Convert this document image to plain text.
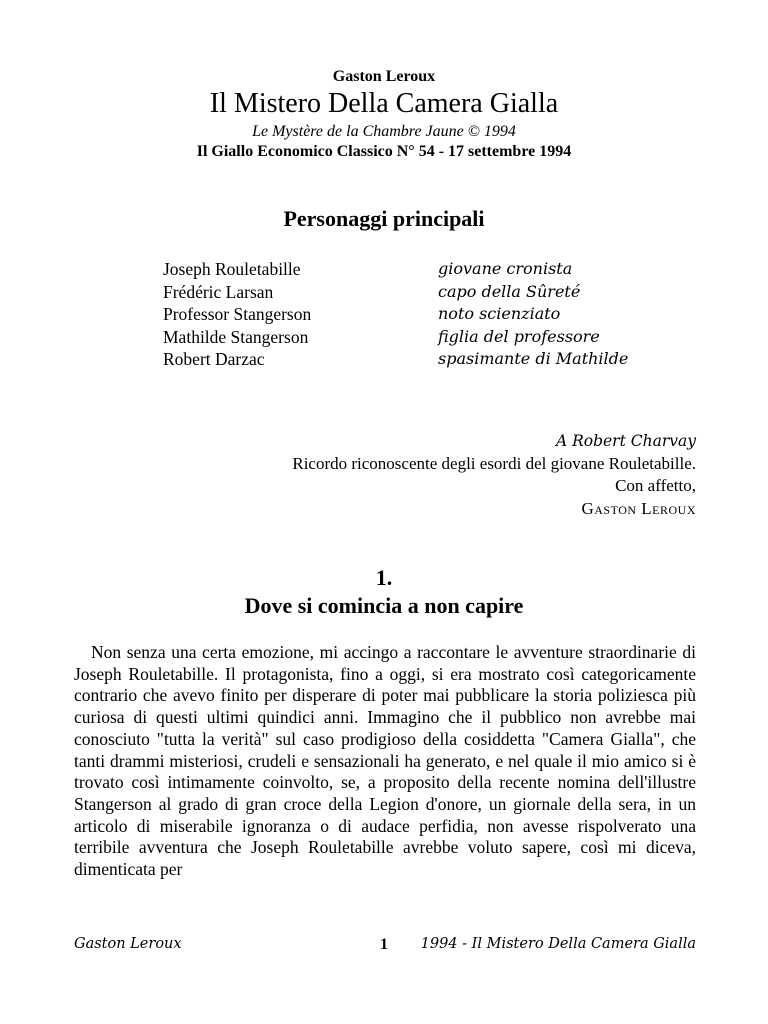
Gaston Leroux
Il Mistero Della Camera Gialla
Le Mystère de la Chambre Jaune © 1994
Il Giallo Economico Classico N° 54 - 17 settembre 1994
Personaggi principali
Joseph Rouletabille	giovane cronista
Frédéric Larsan	capo della Sûreté
Professor Stangerson	noto scienziato
Mathilde Stangerson	figlia del professore
Robert Darzac	spasimante di Mathilde
A Robert Charvay
Ricordo riconoscente degli esordi del giovane Rouletabille.
Con affetto,
Gaston Leroux
1.
Dove si comincia a non capire
Non senza una certa emozione, mi accingo a raccontare le avventure straordinarie di Joseph Rouletabille. Il protagonista, fino a oggi, si era mostrato così categoricamente contrario che avevo finito per disperare di poter mai pubblicare la storia poliziesca più curiosa di questi ultimi quindici anni. Immagino che il pubblico non avrebbe mai conosciuto "tutta la verità" sul caso prodigioso della cosiddetta "Camera Gialla", che tanti drammi misteriosi, crudeli e sensazionali ha generato, e nel quale il mio amico si è trovato così intimamente coinvolto, se, a proposito della recente nomina dell'illustre Stangerson al grado di gran croce della Legion d'onore, un giornale della sera, in un articolo di miserabile ignoranza o di audace perfidia, non avesse rispolverato una terribile avventura che Joseph Rouletabille avrebbe voluto sapere, così mi diceva, dimenticata per
Gaston Leroux	1 1994 - Il Mistero Della Camera Gialla
